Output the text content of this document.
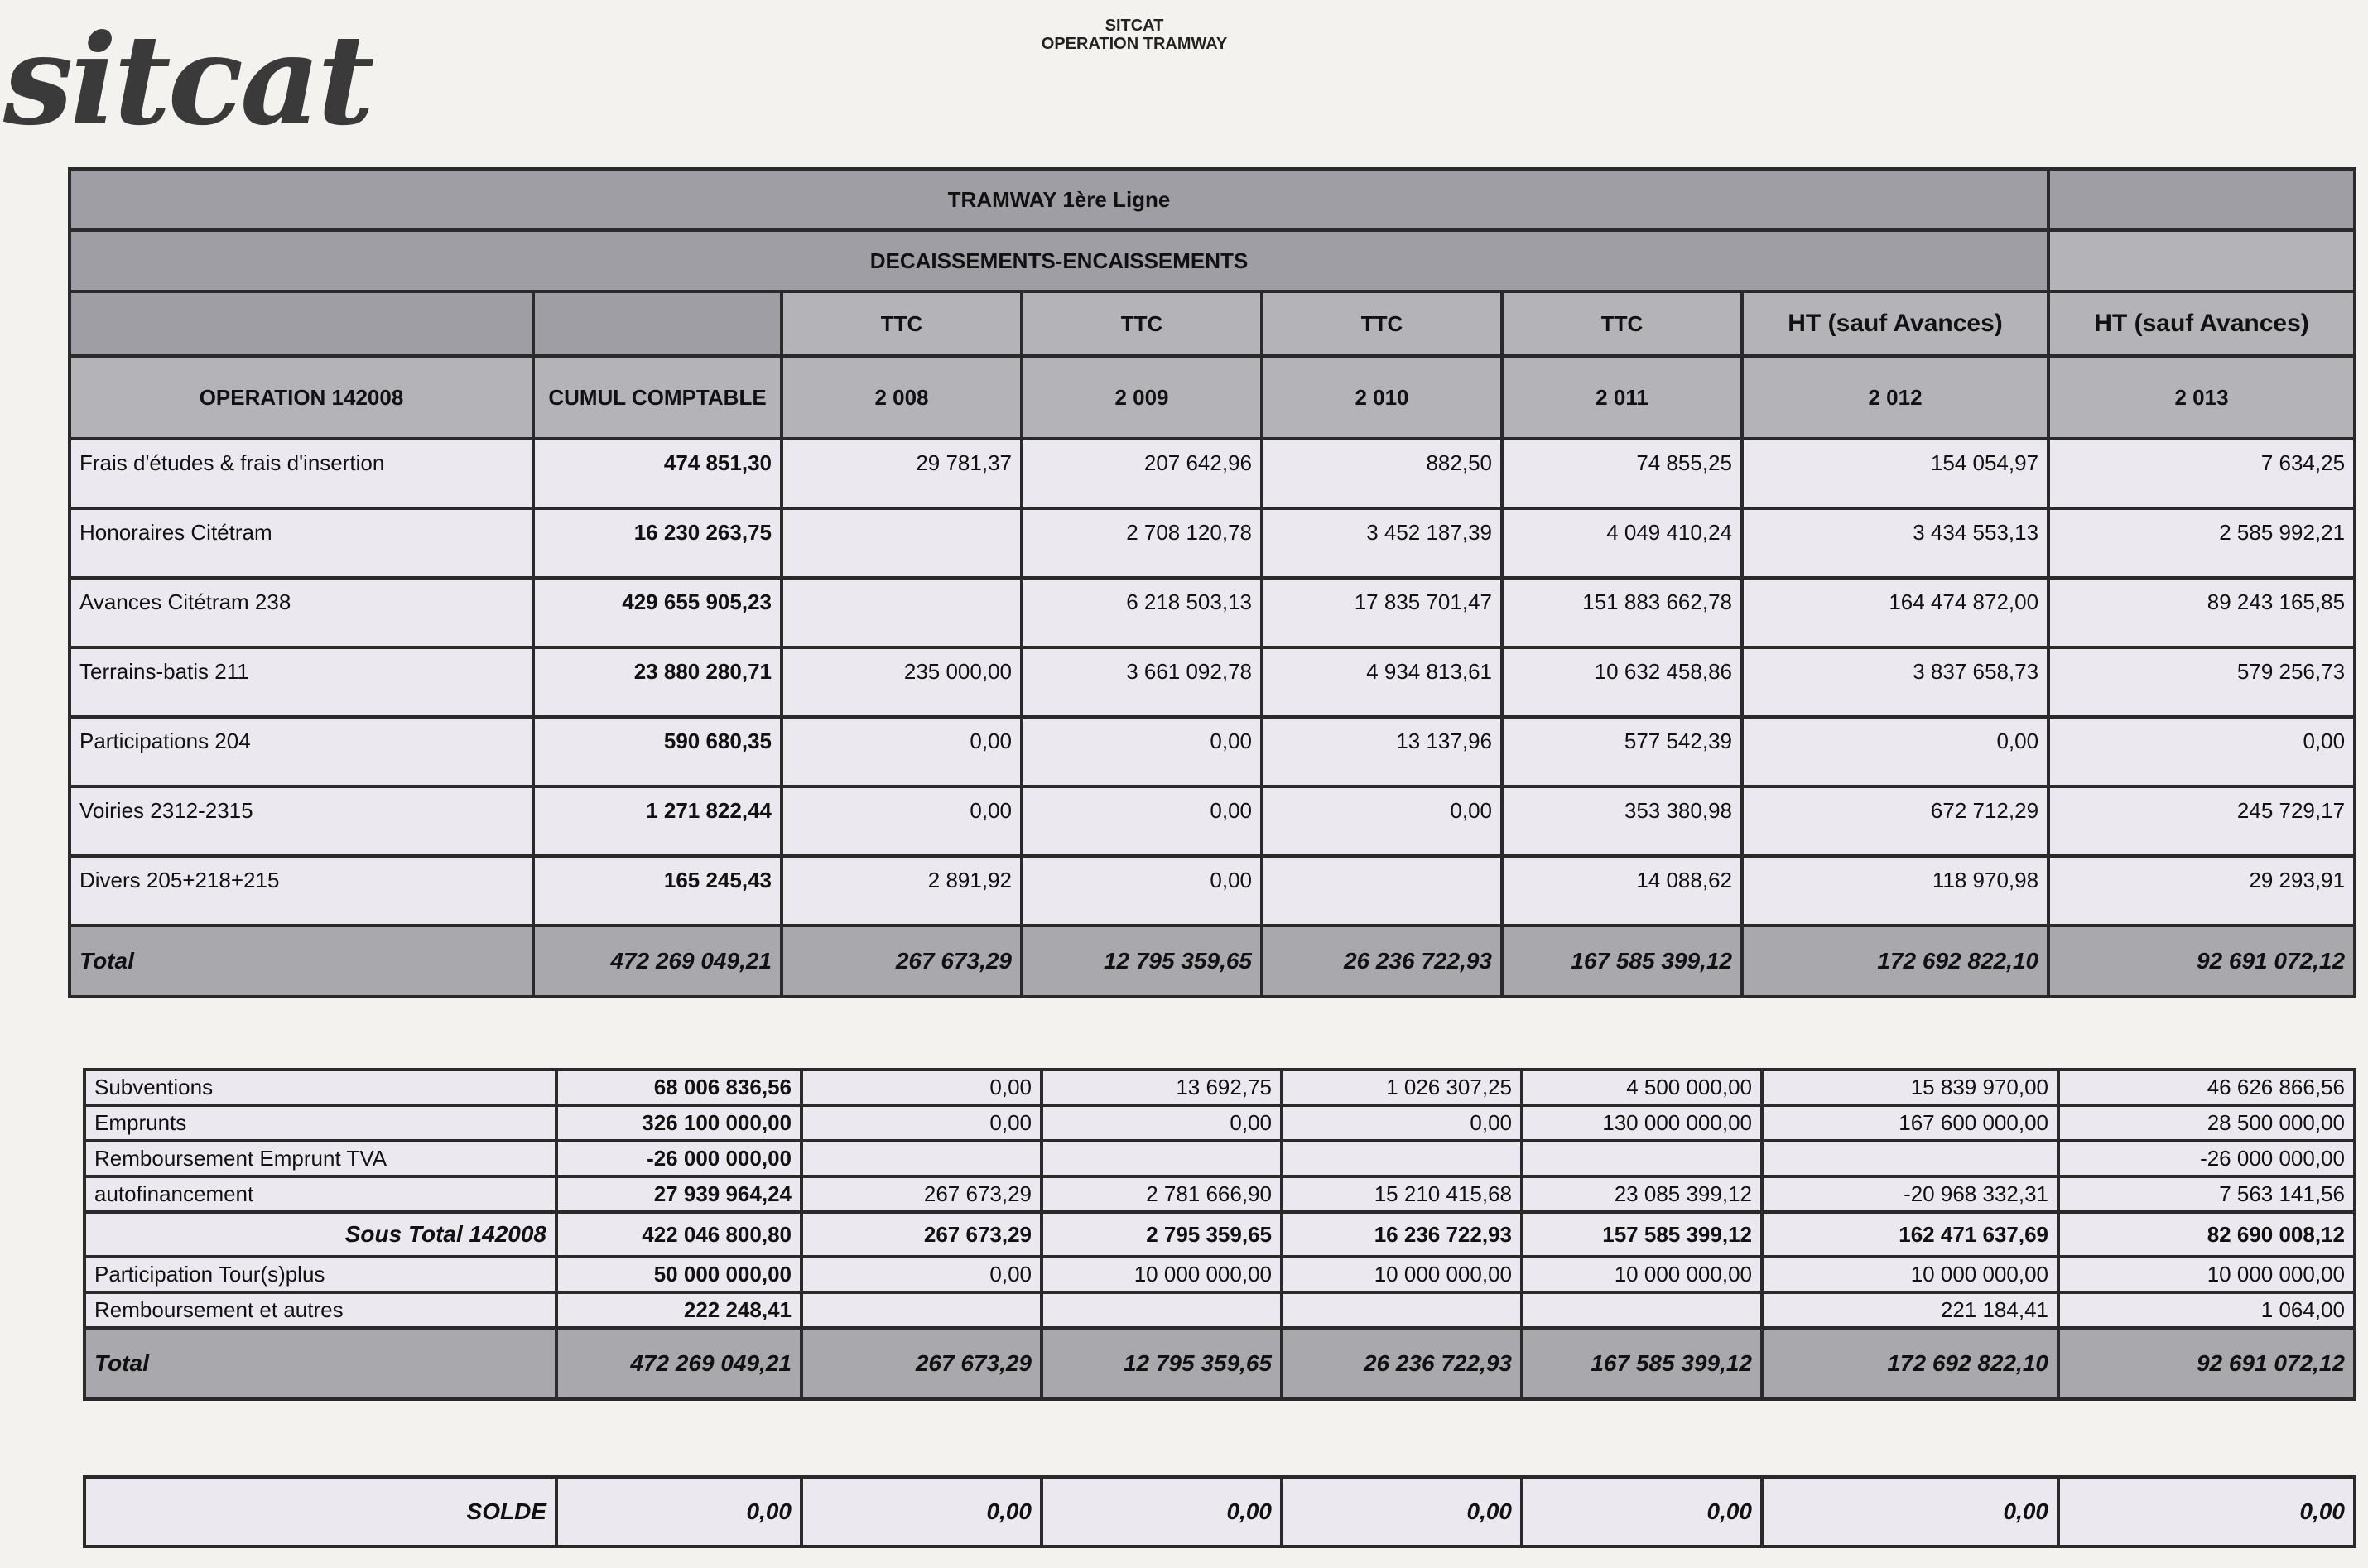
sitcat	SITCAT
OPERATION TRAMWAY
TRAMWAY 1ère Ligne							
DECAISSEMENTS-ENCAISSEMENTS							
		TTC	TTC	TTC	TTC	HT (sauf Avances)	HT (sauf Avances)
OPERATION 142008	CUMUL COMPTABLE	2 008	2 009	2 010	2 011	2 012	2 013
Frais d'études & frais d'insertion	474 851,30	29 781,37	207 642,96	882,50	74 855,25	154 054,97	7 634,25
Honoraires Citétram	16 230 263,75		2 708 120,78	3 452 187,39	4 049 410,24	3 434 553,13	2 585 992,21
Avances Citétram 238	429 655 905,23		6 218 503,13	17 835 701,47	151 883 662,78	164 474 872,00	89 243 165,85
Terrains-batis 211	23 880 280,71	235 000,00	3 661 092,78	4 934 813,61	10 632 458,86	3 837 658,73	579 256,73
Participations 204	590 680,35	0,00	0,00	13 137,96	577 542,39	0,00	0,00
Voiries 2312-2315	1 271 822,44	0,00	0,00	0,00	353 380,98	672 712,29	245 729,17
Divers 205+218+215	165 245,43	2 891,92	0,00		14 088,62	118 970,98	29 293,91
Total	472 269 049,21	267 673,29	12 795 359,65	26 236 722,93	167 585 399,12	172 692 822,10	92 691 072,12
Subventions	68 006 836,56	0,00	13 692,75	1 026 307,25	4 500 000,00	15 839 970,00	46 626 866,56
Emprunts	326 100 000,00	0,00	0,00	0,00	130 000 000,00	167 600 000,00	28 500 000,00
Remboursement Emprunt TVA	-26 000 000,00						-26 000 000,00
autofinancement	27 939 964,24	267 673,29	2 781 666,90	15 210 415,68	23 085 399,12	-20 968 332,31	7 563 141,56
Sous Total 142008	422 046 800,80	267 673,29	2 795 359,65	16 236 722,93	157 585 399,12	162 471 637,69	82 690 008,12
Participation Tour(s)plus	50 000 000,00	0,00	10 000 000,00	10 000 000,00	10 000 000,00	10 000 000,00	10 000 000,00
Remboursement et autres	222 248,41					221 184,41	1 064,00
Total	472 269 049,21	267 673,29	12 795 359,65	26 236 722,93	167 585 399,12	172 692 822,10	92 691 072,12
SOLDE	0,00	0,00	0,00	0,00	0,00	0,00	0,00
